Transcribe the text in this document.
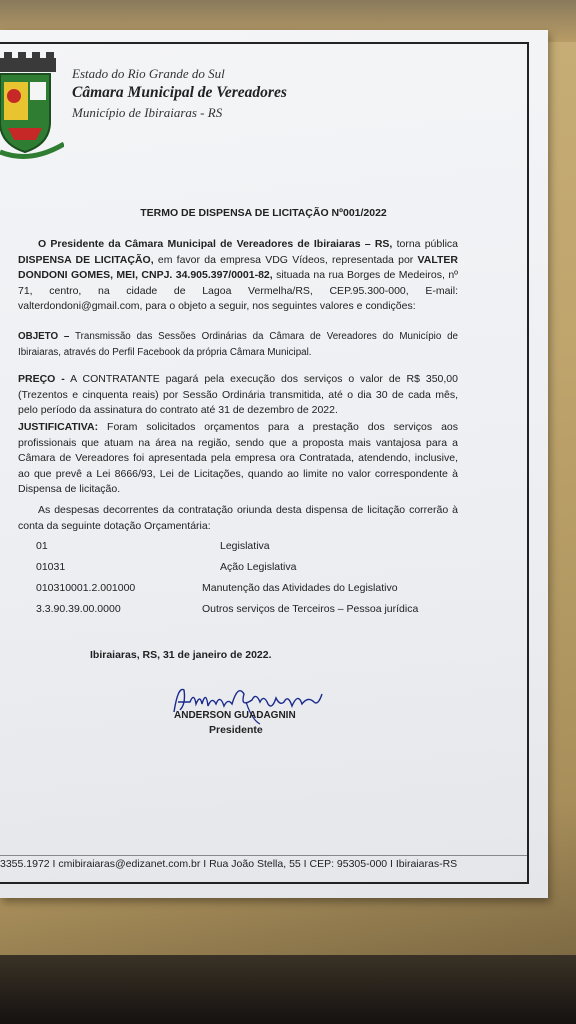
Estado do Rio Grande do Sul
Câmara Municipal de Vereadores
Município de Ibiraiaras - RS
TERMO DE DISPENSA DE LICITAÇÃO Nº001/2022
O Presidente da Câmara Municipal de Vereadores de Ibiraiaras – RS, torna pública DISPENSA DE LICITAÇÃO, em favor da empresa VDG Vídeos, representada por VALTER DONDONI GOMES, MEI, CNPJ. 34.905.397/0001-82, situada na rua Borges de Medeiros, nº 71, centro, na cidade de Lagoa Vermelha/RS, CEP.95.300-000, E-mail: valterdondoni@gmail.com, para o objeto a seguir, nos seguintes valores e condições:
OBJETO – Transmissão das Sessões Ordinárias da Câmara de Vereadores do Município de Ibiraiaras, através do Perfil Facebook da própria Câmara Municipal.
PREÇO - A CONTRATANTE pagará pela execução dos serviços o valor de R$ 350,00 (Trezentos e cinquenta reais) por Sessão Ordinária transmitida, até o dia 30 de cada mês, pelo período da assinatura do contrato até 31 de dezembro de 2022.
JUSTIFICATIVA: Foram solicitados orçamentos para a prestação dos serviços aos profissionais que atuam na área na região, sendo que a proposta mais vantajosa para a Câmara de Vereadores foi apresentada pela empresa ora Contratada, atendendo, inclusive, ao que prevê a Lei 8666/93, Lei de Licitações, quando ao limite no valor correspondente à Dispensa de licitação.
As despesas decorrentes da contratação oriunda desta dispensa de licitação correrão à conta da seguinte dotação Orçamentária:
01	Legislativa
01031	Ação Legislativa
010310001.2.001000	Manutenção das Atividades do Legislativo
3.3.90.39.00.0000	Outros serviços de Terceiros – Pessoa jurídica
Ibiraiaras, RS, 31 de janeiro de 2022.
ANDERSON GUADAGNIN
Presidente
3355.1972 I cmibiraiaras@edizanet.com.br I Rua João Stella, 55 I CEP: 95305-000 I Ibiraiaras-RS
